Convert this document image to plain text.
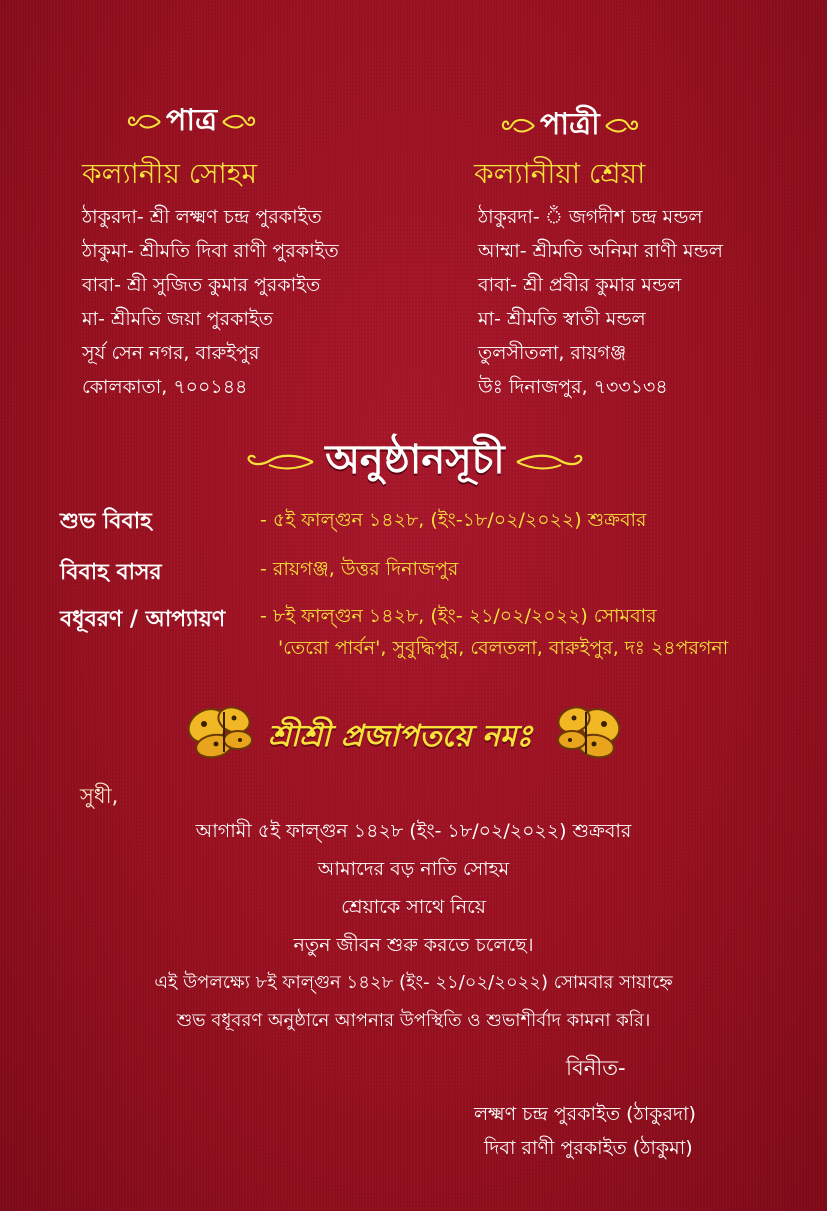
পাত্র
কল্যানীয় সোহম
ঠাকুরদা- শ্রী লক্ষ্মণ চন্দ্র পুরকাইত
ঠাকুমা- শ্রীমতি দিবা রাণী পুরকাইত
বাবা- শ্রী সুজিত কুমার পুরকাইত
মা- শ্রীমতি জয়া পুরকাইত
সূর্য সেন নগর, বারুইপুর
কোলকাতা, ৭০০১৪৪
পাত্রী
কল্যানীয়া শ্রেয়া
ঠাকুরদা- ঁ জগদীশ চন্দ্র মন্ডল
আম্মা- শ্রীমতি অনিমা রাণী মন্ডল
বাবা- শ্রী প্রবীর কুমার মন্ডল
মা- শ্রীমতি স্বাতী মন্ডল
তুলসীতলা, রায়গঞ্জ
উঃ দিনাজপুর, ৭৩৩১৩৪
অনুষ্ঠানসূচী
শুভ বিবাহ	- ৫ই ফাল্গুন ১৪২৮, (ইং-১৮/০২/২০২২) শুক্রবার
বিবাহ বাসর	- রায়গঞ্জ, উত্তর দিনাজপুর
বধূবরণ / আপ্যায়ণ - ৮ই ফাল্গুন ১৪২৮, (ইং- ২১/০২/২০২২) সোমবার
'তেরো পার্বন', সুবুদ্ধিপুর, বেলতলা, বারুইপুর, দঃ ২৪পরগনা
শ্রীশ্রী প্রজাপতয়ে নমঃ
সুধী,
আগামী ৫ই ফাল্গুন ১৪২৮ (ইং- ১৮/০২/২০২২) শুক্রবার
আমাদের বড় নাতি সোহম
শ্রেয়াকে সাথে নিয়ে
নতুন জীবন শুরু করতে চলেছে।
এই উপলক্ষ্যে ৮ই ফাল্গুন ১৪২৮ (ইং- ২১/০২/২০২২) সোমবার সায়াহ্নে
শুভ বধূবরণ অনুষ্ঠানে আপনার উপস্থিতি ও শুভাশীর্বাদ কামনা করি।
বিনীত-
লক্ষ্মণ চন্দ্র পুরকাইত (ঠাকুরদা)
দিবা রাণী পুরকাইত (ঠাকুমা)
